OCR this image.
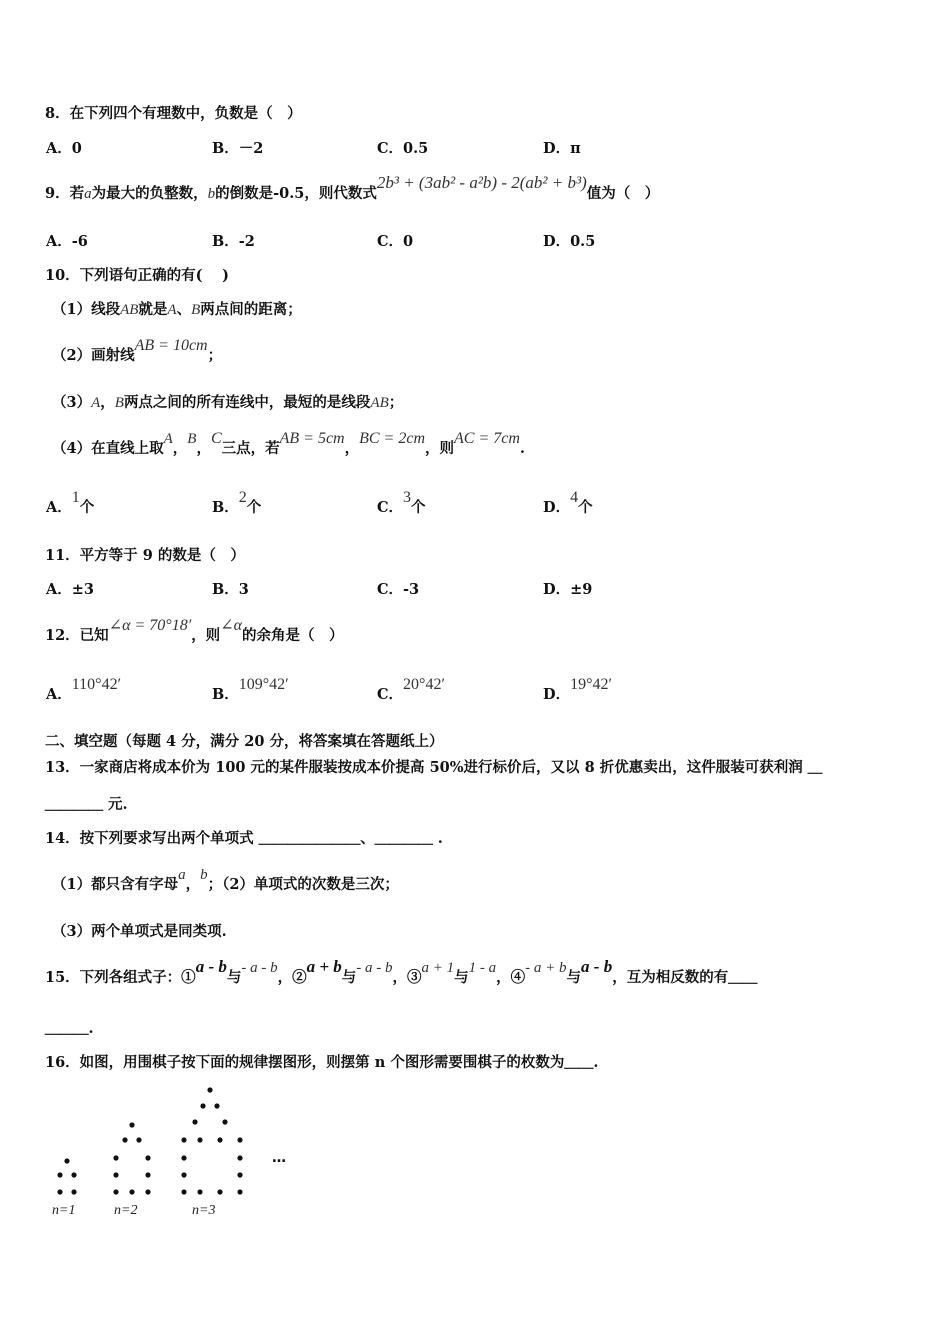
8．在下列四个有理数中，负数是（　）
A．0	B．－2	C．0.5	D．π
9．若a为最大的负整数，b的倒数是-0.5，则代数式2b³ + (3ab² - a²b) - 2(ab² + b³)值为（　）
A．-6	B．-2	C．0	D．0.5
10．下列语句正确的有(　 )
（1）线段AB就是A、B两点间的距离；
（2）画射线AB = 10cm；
（3）A，B两点之间的所有连线中，最短的是线段AB；
（4）在直线上取A，B，C三点，若AB = 5cm，BC = 2cm，则AC = 7cm.
A．1个	B．2个	C．3个	D．4个
11．平方等于 9 的数是（　）
A．±3	B．3	C．-3	D．±9
12．已知∠α = 70°18′，则∠α的余角是（　）
A．110°42′
B．109°42′
C．20°42′
D．19°42′
二、填空题（每题 4 分，满分 20 分，将答案填在答题纸上）
13．一家商店将成本价为 100 元的某件服装按成本价提高 50%进行标价后，又以 8 折优惠卖出，这件服装可获利润 ＿
＿＿＿＿ 元.
14．按下列要求写出两个单项式 ＿＿＿＿＿＿＿、＿＿＿＿ .
（1）都只含有字母a，b；（2）单项式的次数是三次；
（3）两个单项式是同类项.
15．下列各组式子：①a - b与- a - b，②a + b与- a - b，③a + 1与1 - a，④- a + b与a - b，互为相反数的有＿＿
＿＿＿.
16．如图，用围棋子按下面的规律摆图形，则摆第 n 个图形需要围棋子的枚数为＿＿.
n=1	n=2	n=3
…
